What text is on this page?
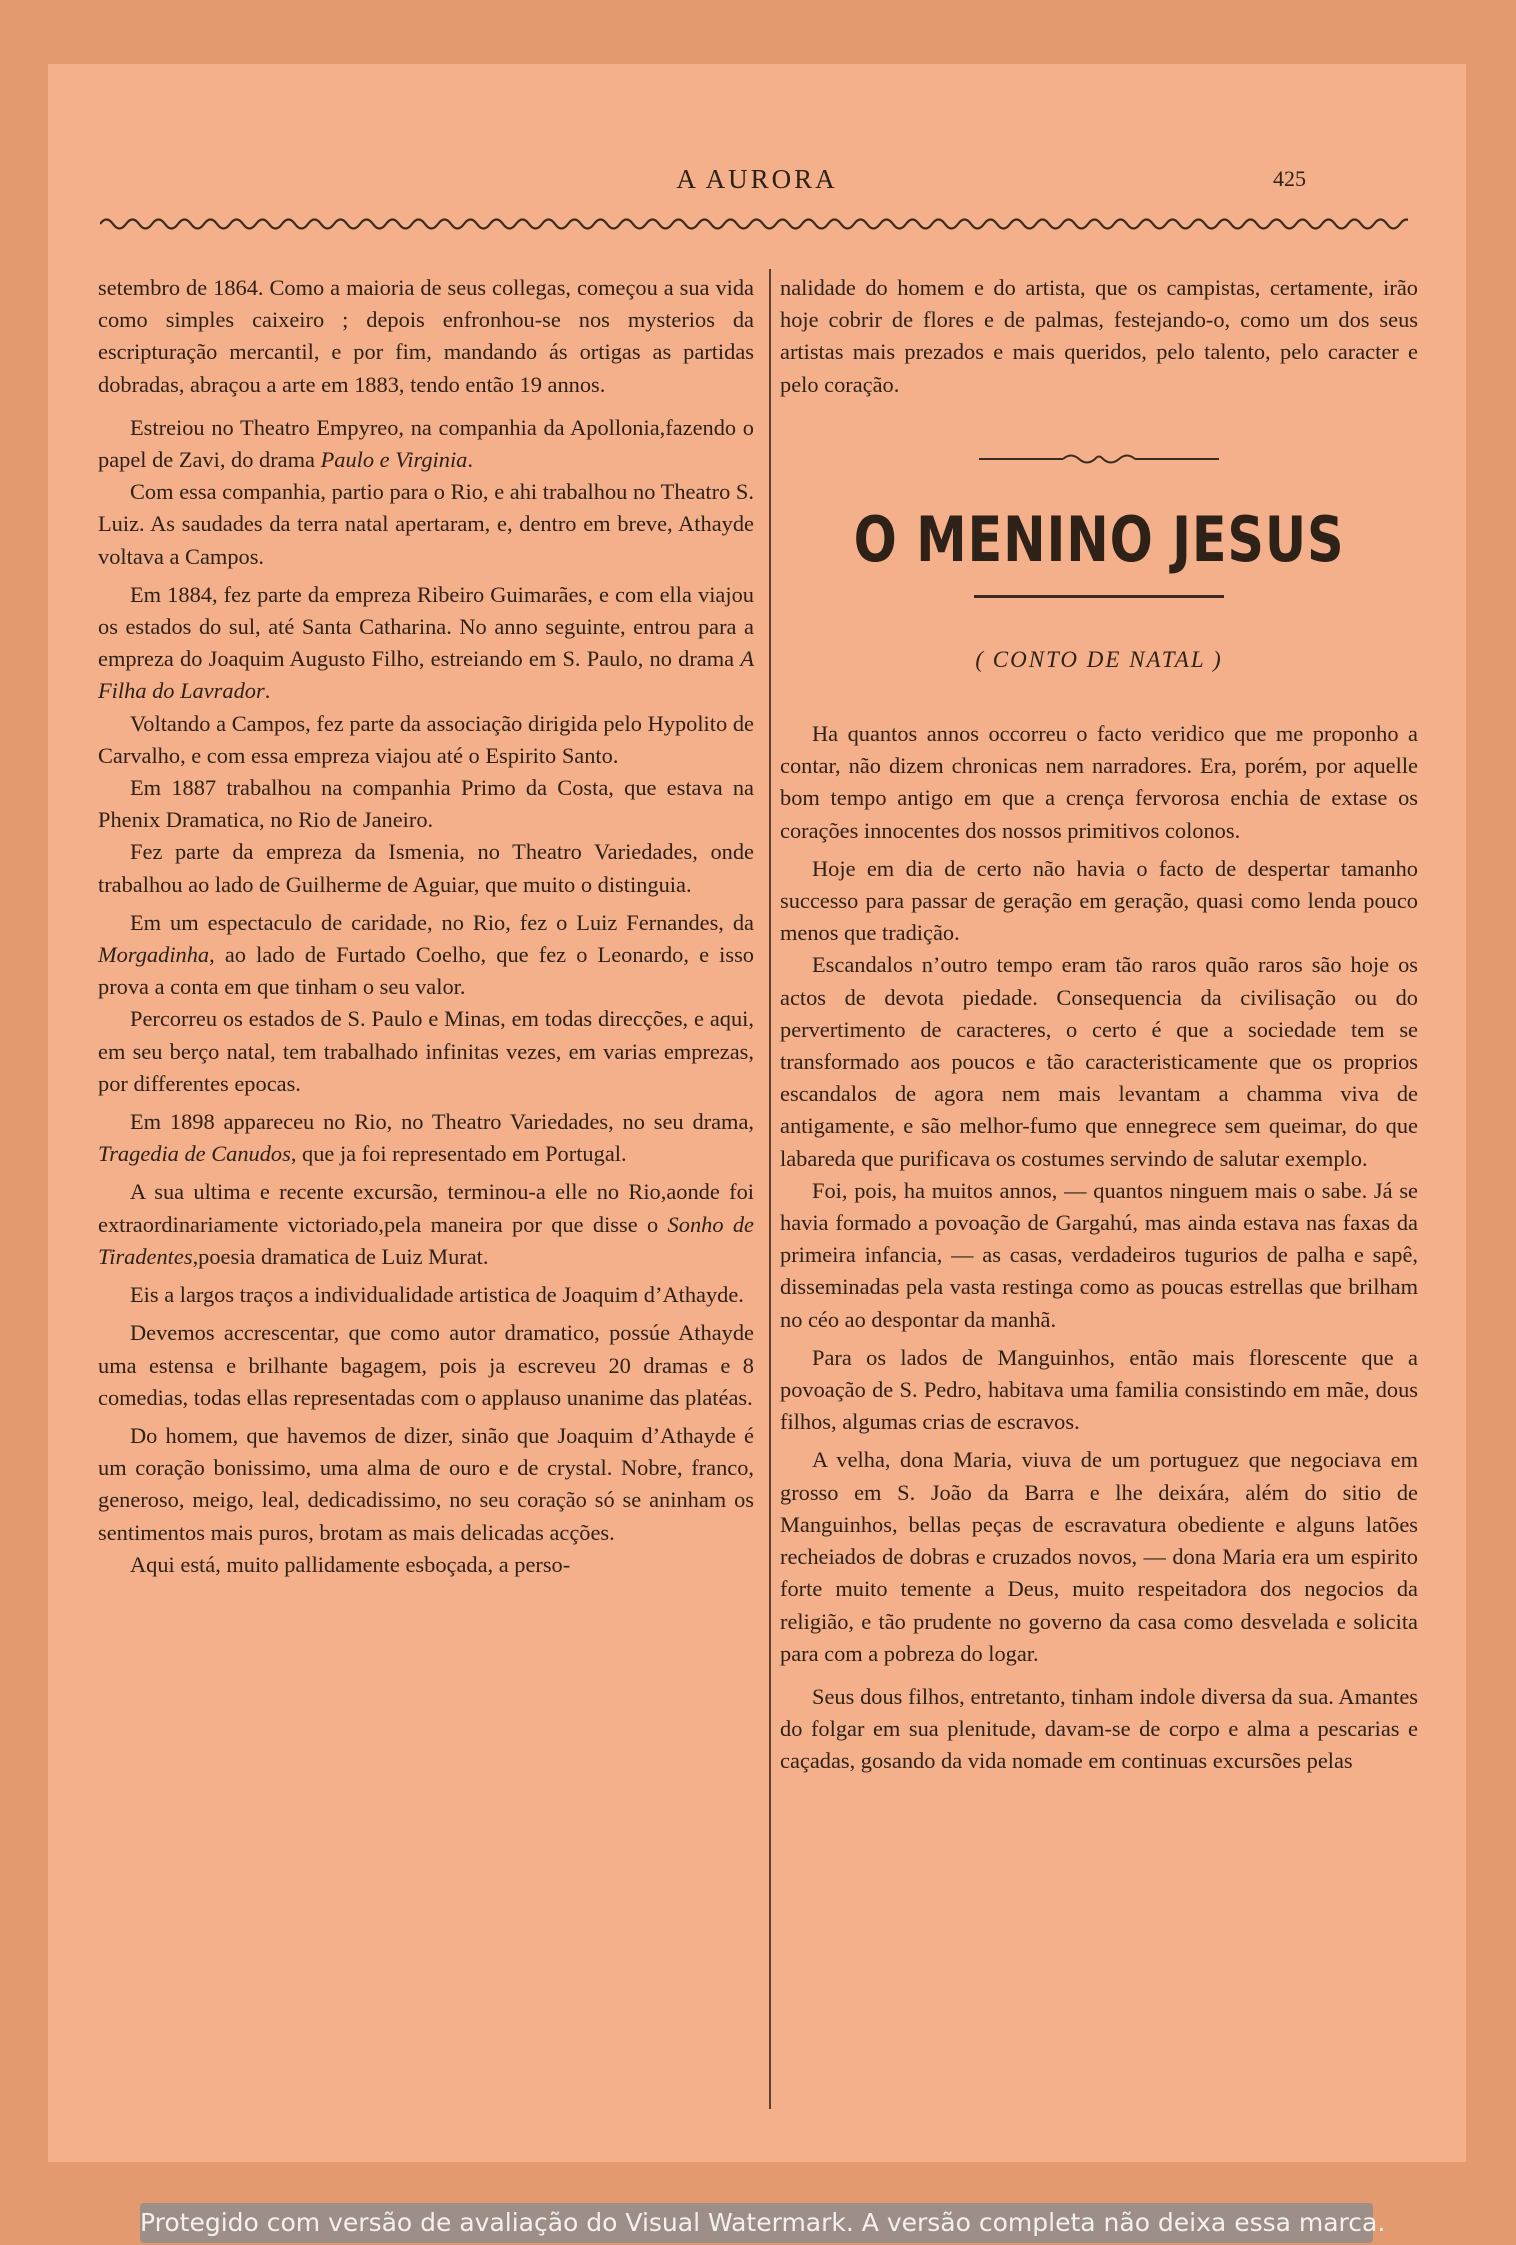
A AURORA	425

setembro de 1864. Como a maioria de seus collegas, começou a sua vida como simples caixeiro ; depois enfronhou-se nos mysterios da escripturação mercantil, e por fim, mandando ás ortigas as partidas dobradas, abraçou a arte em 1883, tendo então 19 annos.

Estreiou no Theatro Empyreo, na companhia da Apollonia,fazendo o papel de Zavi, do drama Paulo e Virginia.

Com essa companhia, partio para o Rio, e ahi trabalhou no Theatro S. Luiz. As saudades da terra natal apertaram, e, dentro em breve, Athayde voltava a Campos.

Em 1884, fez parte da empreza Ribeiro Guimarães, e com ella viajou os estados do sul, até Santa Catharina. No anno seguinte, entrou para a empreza do Joaquim Augusto Filho, estreiando em S. Paulo, no drama A Filha do Lavrador.

Voltando a Campos, fez parte da associação dirigida pelo Hypolito de Carvalho, e com essa empreza viajou até o Espirito Santo.

Em 1887 trabalhou na companhia Primo da Costa, que estava na Phenix Dramatica, no Rio de Janeiro.

Fez parte da empreza da Ismenia, no Theatro Variedades, onde trabalhou ao lado de Guilherme de Aguiar, que muito o distinguia.

Em um espectaculo de caridade, no Rio, fez o Luiz Fernandes, da Morgadinha, ao lado de Furtado Coelho, que fez o Leonardo, e isso prova a conta em que tinham o seu valor.

Percorreu os estados de S. Paulo e Minas, em todas direcções, e aqui, em seu berço natal, tem trabalhado infinitas vezes, em varias emprezas, por differentes epocas.

Em 1898 appareceu no Rio, no Theatro Variedades, no seu drama, Tragedia de Canudos, que ja foi representado em Portugal.

A sua ultima e recente excursão, terminou-a elle no Rio,aonde foi extraordinariamente victoriado,pela maneira por que disse o Sonho de Tiradentes,poesia dramatica de Luiz Murat.

Eis a largos traços a individualidade artistica de Joaquim d’Athayde.

Devemos accrescentar, que como autor dramatico, possúe Athayde uma estensa e brilhante bagagem, pois ja escreveu 20 dramas e 8 comedias, todas ellas representadas com o applauso unanime das platéas.

Do homem, que havemos de dizer, sinão que Joaquim d’Athayde é um coração bonissimo, uma alma de ouro e de crystal. Nobre, franco, generoso, meigo, leal, dedicadissimo, no seu coração só se aninham os sentimentos mais puros, brotam as mais delicadas acções.

Aqui está, muito pallidamente esboçada, a perso-

nalidade do homem e do artista, que os campistas, certamente, irão hoje cobrir de flores e de palmas, festejando-o, como um dos seus artistas mais prezados e mais queridos, pelo talento, pelo caracter e pelo coração.

O MENINO JESUS

( CONTO DE NATAL )

Ha quantos annos occorreu o facto veridico que me proponho a contar, não dizem chronicas nem narradores. Era, porém, por aquelle bom tempo antigo em que a crença fervorosa enchia de extase os corações innocentes dos nossos primitivos colonos.

Hoje em dia de certo não havia o facto de despertar tamanho successo para passar de geração em geração, quasi como lenda pouco menos que tradição.

Escandalos n’outro tempo eram tão raros quão raros são hoje os actos de devota piedade. Consequencia da civilisação ou do pervertimento de caracteres, o certo é que a sociedade tem se transformado aos poucos e tão caracteristicamente que os proprios escandalos de agora nem mais levantam a chamma viva de antigamente, e são melhor-fumo que ennegrece sem queimar, do que labareda que purificava os costumes servindo de salutar exemplo.

Foi, pois, ha muitos annos, — quantos ninguem mais o sabe. Já se havia formado a povoação de Gargahú, mas ainda estava nas faxas da primeira infancia, — as casas, verdadeiros tugurios de palha e sapê, disseminadas pela vasta restinga como as poucas estrellas que brilham no céo ao despontar da manhã.

Para os lados de Manguinhos, então mais florescente que a povoação de S. Pedro, habitava uma familia consistindo em mãe, dous filhos, algumas crias de escravos.

A velha, dona Maria, viuva de um portuguez que negociava em grosso em S. João da Barra e lhe deixára, além do sitio de Manguinhos, bellas peças de escravatura obediente e alguns latões recheiados de dobras e cruzados novos, — dona Maria era um espirito forte muito temente a Deus, muito respeitadora dos negocios da religião, e tão prudente no governo da casa como desvelada e solicita para com a pobreza do logar.

Seus dous filhos, entretanto, tinham indole diversa da sua. Amantes do folgar em sua plenitude, davam-se de corpo e alma a pescarias e caçadas, gosando da vida nomade em continuas excursões pelas

Protegido com versão de avaliação do Visual Watermark. A versão completa não deixa essa marca.
